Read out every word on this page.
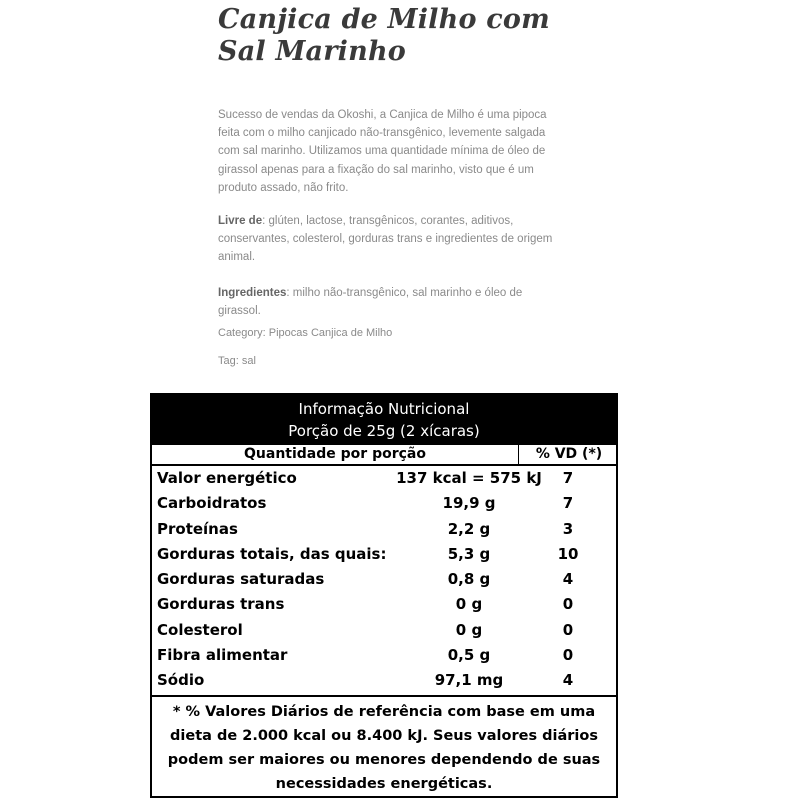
Canjica de Milho com Sal Marinho

Sucesso de vendas da Okoshi, a Canjica de Milho é uma pipoca feita com o milho canjicado não-transgênico, levemente salgada com sal marinho. Utilizamos uma quantidade mínima de óleo de girassol apenas para a fixação do sal marinho, visto que é um produto assado, não frito.

Livre de: glúten, lactose, transgênicos, corantes, aditivos, conservantes, colesterol, gorduras trans e ingredientes de origem animal.

Ingredientes: milho não-transgênico, sal marinho e óleo de girassol.

Category: Pipocas Canjica de Milho

Tag: sal

Informação Nutricional
Porção de 25g (2 xícaras)
Quantidade por porção	% VD (*)
Valor energético	137 kcal = 575 kJ	7
Carboidratos	19,9 g	7
Proteínas	2,2 g	3
Gorduras totais, das quais:	5,3 g	10
Gorduras saturadas	0,8 g	4
Gorduras trans	0 g	0
Colesterol	0 g	0
Fibra alimentar	0,5 g	0
Sódio	97,1 mg	4
* % Valores Diários de referência com base em uma dieta de 2.000 kcal ou 8.400 kJ. Seus valores diários podem ser maiores ou menores dependendo de suas necessidades energéticas.
